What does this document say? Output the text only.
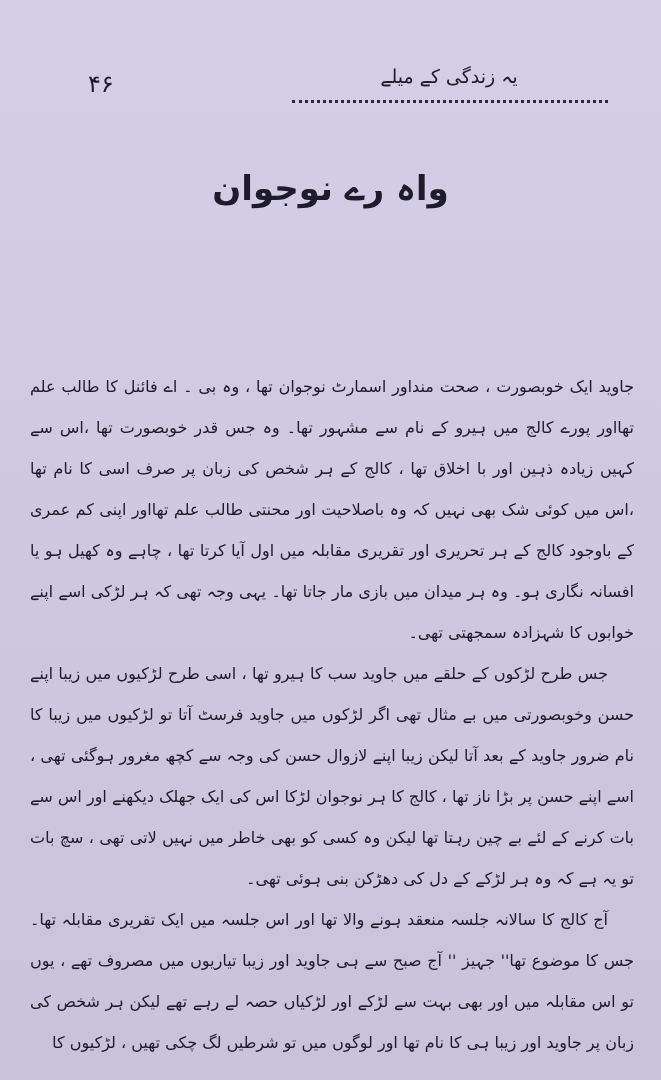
۴۶	یہ زندگی کے میلے
واہ رے نوجوان

جاوید ایک خوبصورت ، صحت منداور اسمارٹ نوجوان تھا ، وہ بی ۔ اے فائنل کا طالب علم تھااور پورے کالج میں ہیرو کے نام سے مشہور تھا۔ وہ جس قدر خوبصورت تھا ،اس سے کہیں زیادہ ذہین اور با اخلاق تھا ، کالج کے ہر شخص کی زبان پر صرف اسی کا نام تھا ،اس میں کوئی شک بھی نہیں کہ وہ باصلاحیت اور محنتی طالب علم تھااور اپنی کم عمری کے باوجود کالج کے ہر تحریری اور تقریری مقابلہ میں اول آیا کرتا تھا ، چاہے وہ کھیل ہو یا افسانہ نگاری ہو۔ وہ ہر میدان میں بازی مار جاتا تھا۔ یہی وجہ تھی کہ ہر لڑکی اسے اپنے خوابوں کا شہزادہ سمجھتی تھی۔

جس طرح لڑکوں کے حلقے میں جاوید سب کا ہیرو تھا ، اسی طرح لڑکیوں میں زیبا اپنے حسن وخوبصورتی میں بے مثال تھی اگر لڑکوں میں جاوید فرسٹ آتا تو لڑکیوں میں زیبا کا نام ضرور جاوید کے بعد آتا لیکن زیبا اپنے لازوال حسن کی وجہ سے کچھ مغرور ہوگئی تھی ، اسے اپنے حسن پر بڑا ناز تھا ، کالج کا ہر نوجوان لڑکا اس کی ایک جھلک دیکھنے اور اس سے بات کرنے کے لئے بے چین رہتا تھا لیکن وہ کسی کو بھی خاطر میں نہیں لاتی تھی ، سچ بات تو یہ ہے کہ وہ ہر لڑکے کے دل کی دھڑکن بنی ہوئی تھی۔

آج کالج کا سالانہ جلسہ منعقد ہونے والا تھا اور اس جلسہ میں ایک تقریری مقابلہ تھا۔ جس کا موضوع تھا'' جہیز '' آج صبح سے ہی جاوید اور زیبا تیاریوں میں مصروف تھے ، یوں تو اس مقابلہ میں اور بھی بہت سے لڑکے اور لڑکیاں حصہ لے رہے تھے لیکن ہر شخص کی زبان پر جاوید اور زیبا ہی کا نام تھا اور لوگوں میں تو شرطیں لگ چکی تھیں ، لڑکیوں کا
